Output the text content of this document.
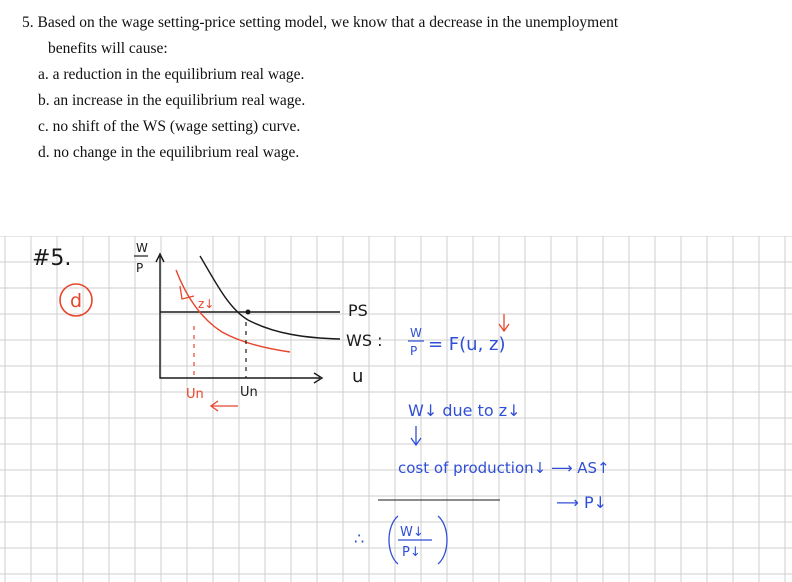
5. Based on the wage setting-price setting model, we know that a decrease in the unemployment
benefits will cause:
a. a reduction in the equilibrium real wage.
b. an increase in the equilibrium real wage.
c. no shift of the WS (wage setting) curve.
d. no change in the equilibrium real wage.
#5.
d
W
P
u
PS
WS :
z↓
Un	Un
W
P = F(u, z)
W↓ due to z↓
cost of production↓ ⟶ AS↑
⟶ P↓
∴	W↓
P↓
